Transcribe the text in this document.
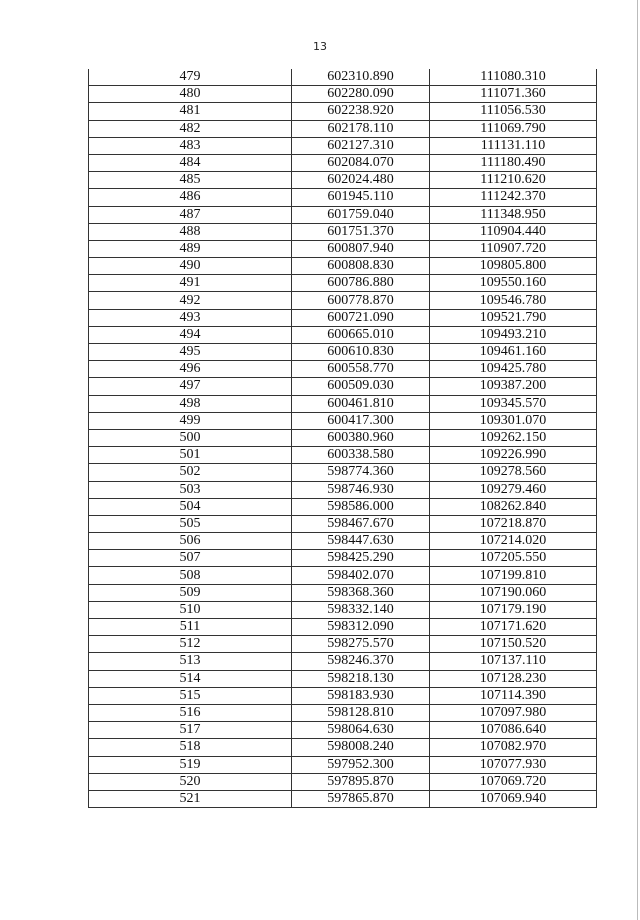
13
479	602310.890	111080.310
480	602280.090	111071.360
481	602238.920	111056.530
482	602178.110	111069.790
483	602127.310	111131.110
484	602084.070	111180.490
485	602024.480	111210.620
486	601945.110	111242.370
487	601759.040	111348.950
488	601751.370	110904.440
489	600807.940	110907.720
490	600808.830	109805.800
491	600786.880	109550.160
492	600778.870	109546.780
493	600721.090	109521.790
494	600665.010	109493.210
495	600610.830	109461.160
496	600558.770	109425.780
497	600509.030	109387.200
498	600461.810	109345.570
499	600417.300	109301.070
500	600380.960	109262.150
501	600338.580	109226.990
502	598774.360	109278.560
503	598746.930	109279.460
504	598586.000	108262.840
505	598467.670	107218.870
506	598447.630	107214.020
507	598425.290	107205.550
508	598402.070	107199.810
509	598368.360	107190.060
510	598332.140	107179.190
511	598312.090	107171.620
512	598275.570	107150.520
513	598246.370	107137.110
514	598218.130	107128.230
515	598183.930	107114.390
516	598128.810	107097.980
517	598064.630	107086.640
518	598008.240	107082.970
519	597952.300	107077.930
520	597895.870	107069.720
521	597865.870	107069.940
